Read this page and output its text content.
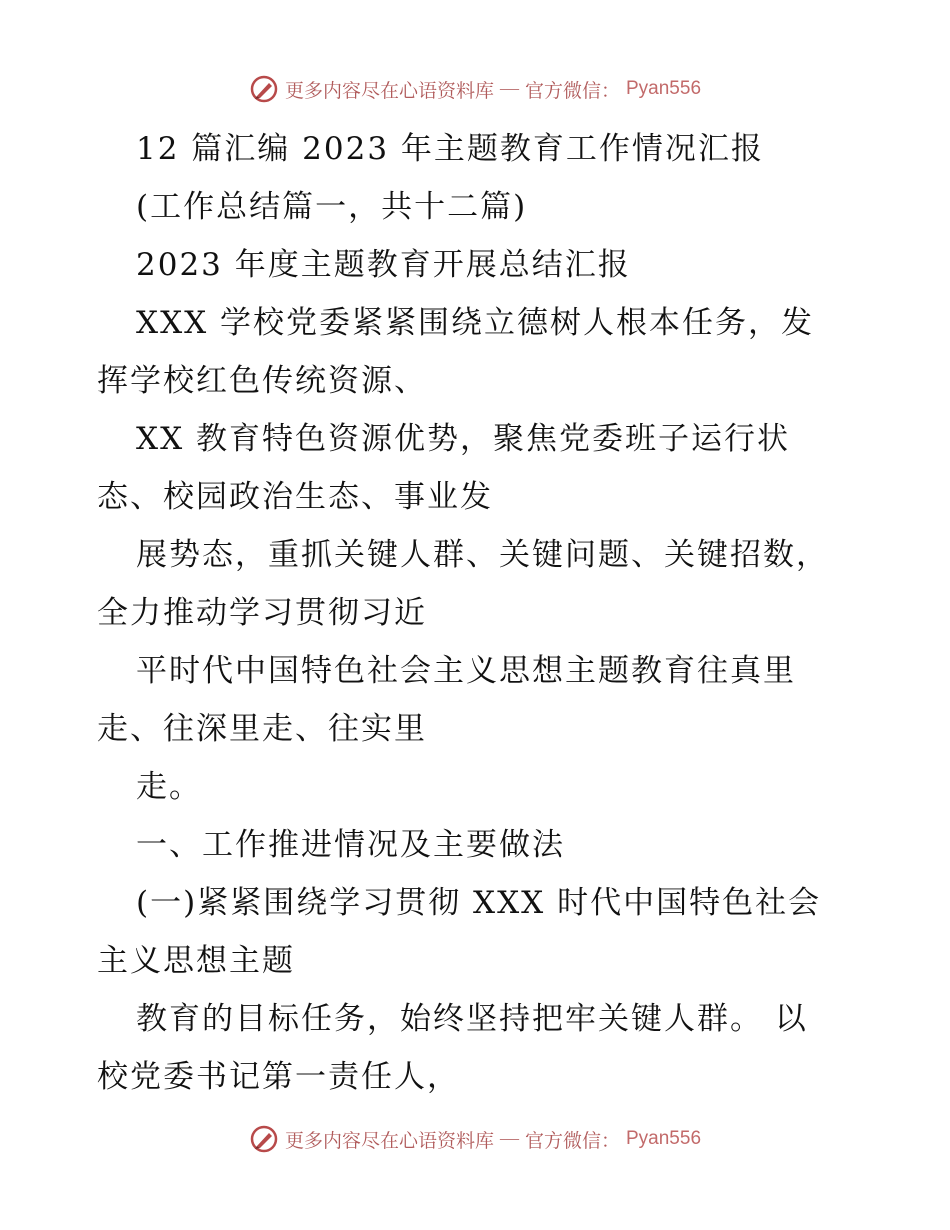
更多内容尽在心语资料库 — 官方微信： Pyan556
12 篇汇编 2023 年主题教育工作情况汇报
(工作总结篇一，共十二篇)
2023 年度主题教育开展总结汇报
XXX 学校党委紧紧围绕立德树人根本任务，发
挥学校红色传统资源、
XX 教育特色资源优势，聚焦党委班子运行状
态、校园政治生态、事业发
展势态，重抓关键人群、关键问题、关键招数，
全力推动学习贯彻习近
平时代中国特色社会主义思想主题教育往真里
走、往深里走、往实里
走。
一、工作推进情况及主要做法
(一)紧紧围绕学习贯彻 XXX 时代中国特色社会
主义思想主题
教育的目标任务，始终坚持把牢关键人群。 以
校党委书记第一责任人，
更多内容尽在心语资料库 — 官方微信： Pyan556
